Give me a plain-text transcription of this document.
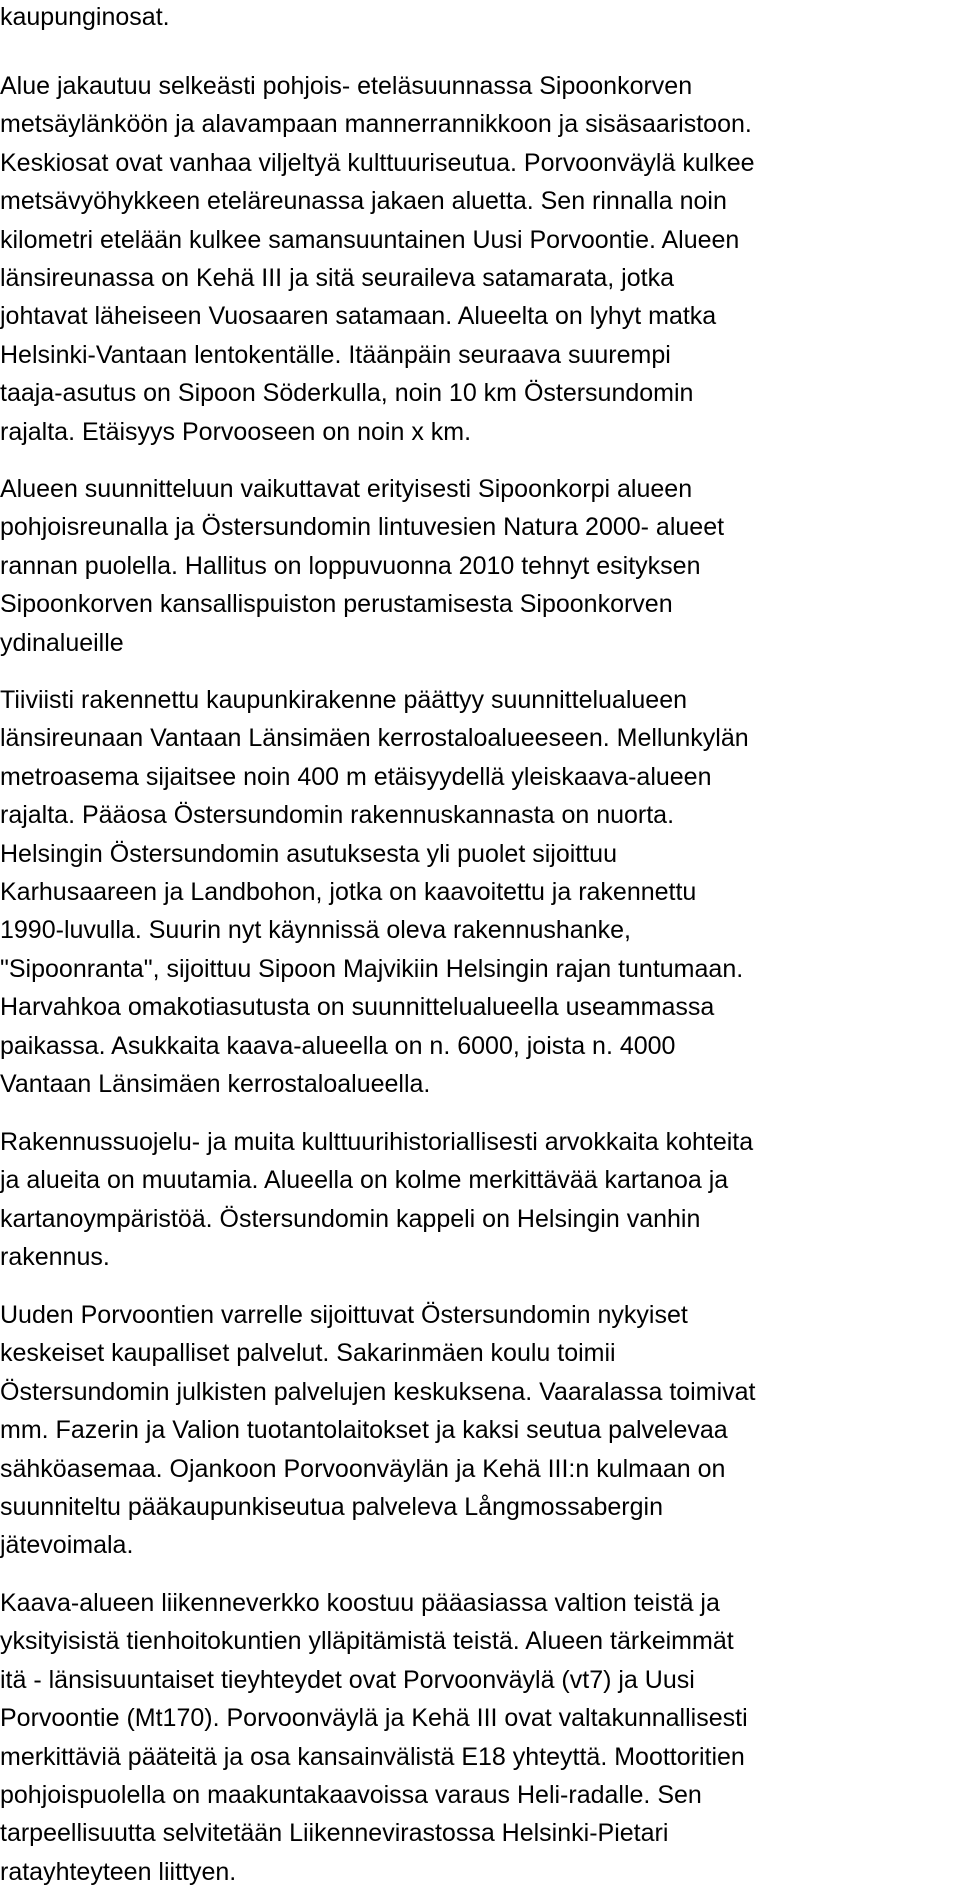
kaupunginosat.
Alue jakautuu selkeästi pohjois- eteläsuunnassa Sipoonkorven
metsäylänköön ja alavampaan mannerrannikkoon ja sisäsaaristoon.
Keskiosat ovat vanhaa viljeltyä kulttuuriseutua. Porvoonväylä kulkee
metsävyöhykkeen eteläreunassa jakaen aluetta. Sen rinnalla noin
kilometri etelään kulkee samansuuntainen Uusi Porvoontie. Alueen
länsireunassa on Kehä III ja sitä seuraileva satamarata, jotka
johtavat läheiseen Vuosaaren satamaan. Alueelta on lyhyt matka
Helsinki-Vantaan lentokentälle. Itäänpäin seuraava suurempi
taaja-asutus on Sipoon Söderkulla, noin 10 km Östersundomin
rajalta. Etäisyys Porvooseen on noin x km.
Alueen suunnitteluun vaikuttavat erityisesti Sipoonkorpi alueen
pohjoisreunalla ja Östersundomin lintuvesien Natura 2000- alueet
rannan puolella. Hallitus on loppuvuonna 2010 tehnyt esityksen
Sipoonkorven kansallispuiston perustamisesta Sipoonkorven
ydinalueille
Tiiviisti rakennettu kaupunkirakenne päättyy suunnittelualueen
länsireunaan Vantaan Länsimäen kerrostaloalueeseen. Mellunkylän
metroasema sijaitsee noin 400 m etäisyydellä yleiskaava-alueen
rajalta. Pääosa Östersundomin rakennuskannasta on nuorta.
Helsingin Östersundomin asutuksesta yli puolet sijoittuu
Karhusaareen ja Landbohon, jotka on kaavoitettu ja rakennettu
1990-luvulla. Suurin nyt käynnissä oleva rakennushanke,
"Sipoonranta", sijoittuu Sipoon Majvikiin Helsingin rajan tuntumaan.
Harvahkoa omakotiasutusta on suunnittelualueella useammassa
paikassa. Asukkaita kaava-alueella on n. 6000, joista n. 4000
Vantaan Länsimäen kerrostaloalueella.
Rakennussuojelu- ja muita kulttuurihistoriallisesti arvokkaita kohteita
ja alueita on muutamia. Alueella on kolme merkittävää kartanoa ja
kartanoympäristöä. Östersundomin kappeli on Helsingin vanhin
rakennus.
Uuden Porvoontien varrelle sijoittuvat Östersundomin nykyiset
keskeiset kaupalliset palvelut. Sakarinmäen koulu toimii
Östersundomin julkisten palvelujen keskuksena. Vaaralassa toimivat
mm. Fazerin ja Valion tuotantolaitokset ja kaksi seutua palvelevaa
sähköasemaa. Ojankoon Porvoonväylän ja Kehä III:n kulmaan on
suunniteltu pääkaupunkiseutua palveleva Långmossabergin
jätevoimala.
Kaava-alueen liikenneverkko koostuu pääasiassa valtion teistä ja
yksityisistä tienhoitokuntien ylläpitämistä teistä. Alueen tärkeimmät
itä - länsisuuntaiset tieyhteydet ovat Porvoonväylä (vt7) ja Uusi
Porvoontie (Mt170). Porvoonväylä ja Kehä III ovat valtakunnallisesti
merkittäviä pääteitä ja osa kansainvälistä E18 yhteyttä. Moottoritien
pohjoispuolella on maakuntakaavoissa varaus Heli-radalle. Sen
tarpeellisuutta selvitetään Liikennevirastossa Helsinki-Pietari
ratayhteyteen liittyen.
